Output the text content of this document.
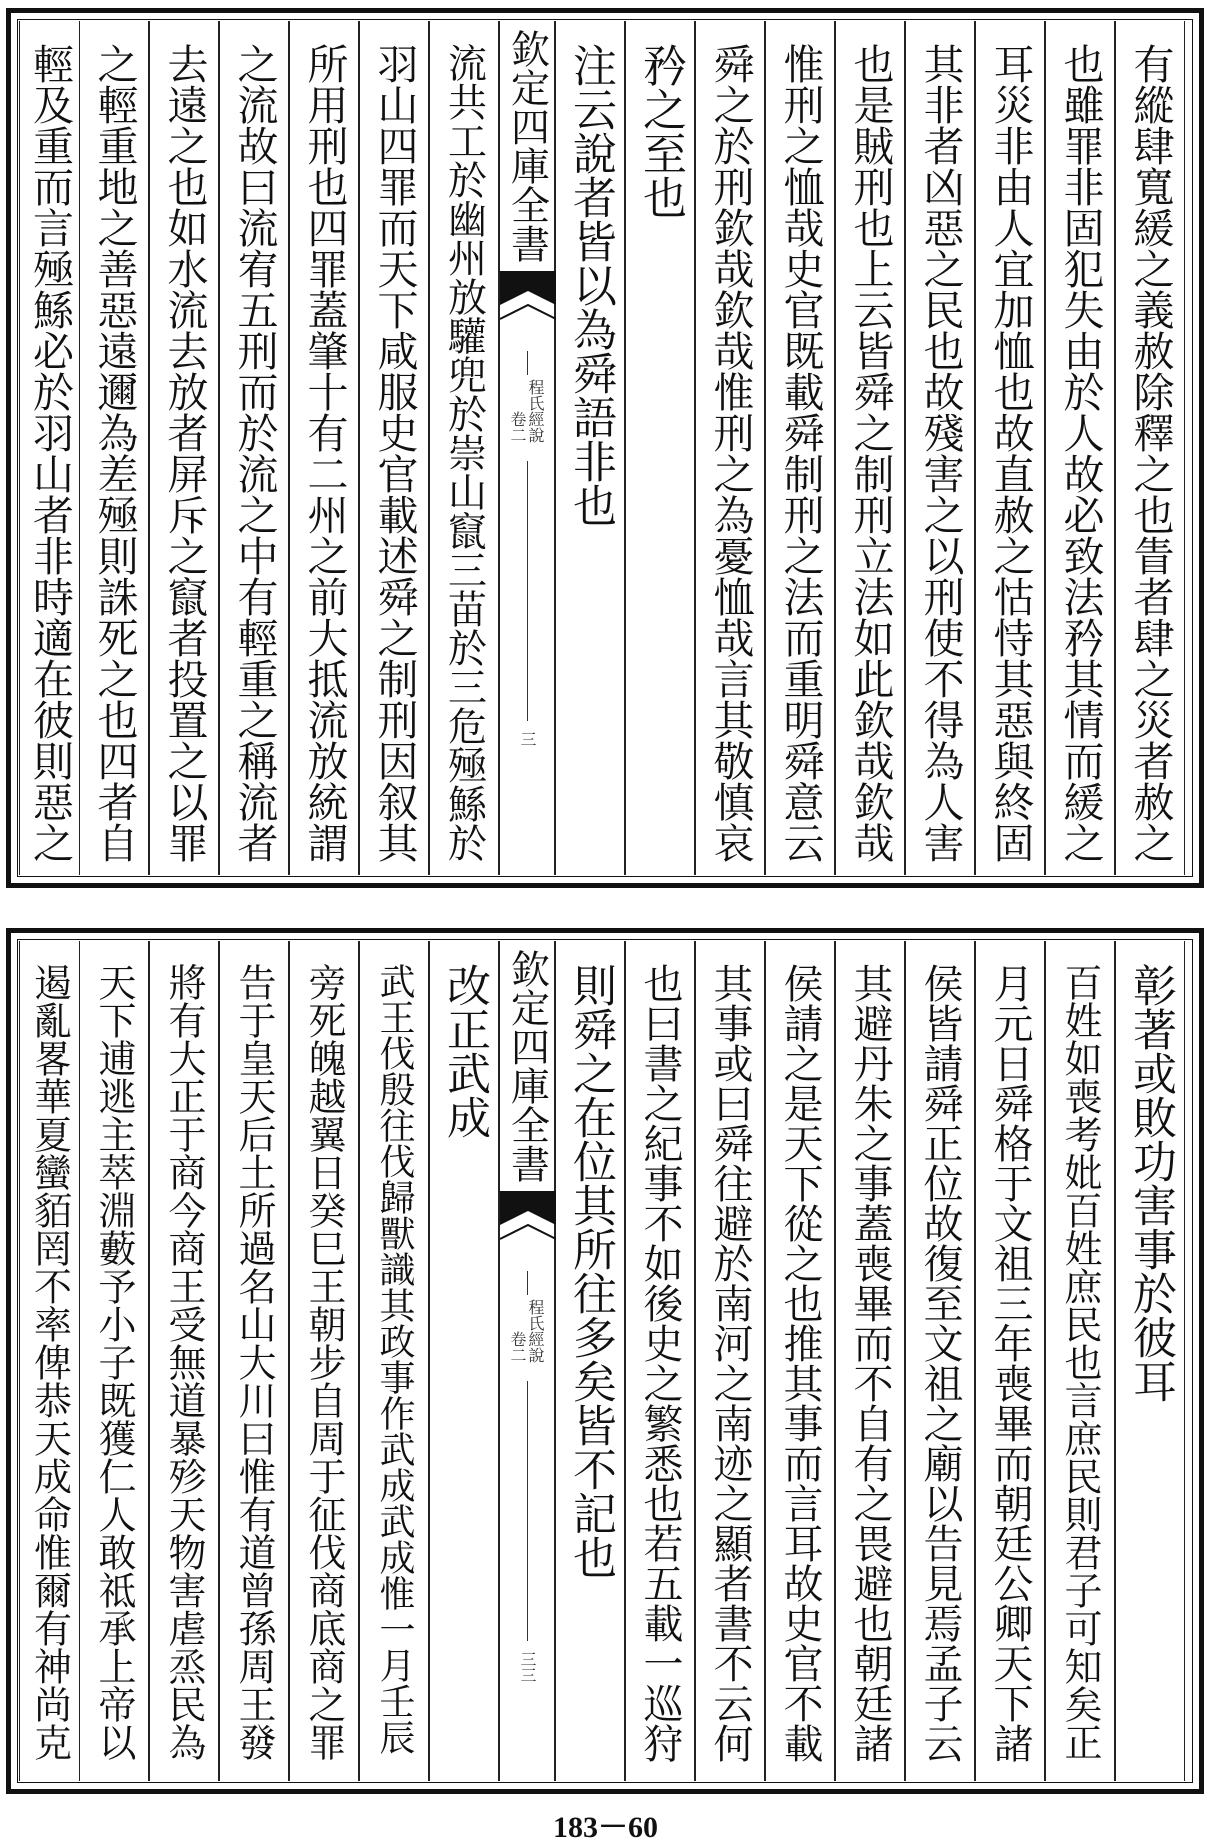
有縱肆寬緩之義赦除釋之也眚者肆之災者赦之
也雖罪非固犯失由於人故必致法矜其情而緩之
耳災非由人宜加恤也故直赦之怙恃其惡與終固
其非者凶惡之民也故殘害之以刑使不得為人害
也是賊刑也上云皆舜之制刑立法如此欽哉欽哉
惟刑之恤哉史官既載舜制刑之法而重明舜意云
舜之於刑欽哉欽哉惟刑之為憂恤哉言其敬慎哀
矜之至也
注云說者皆以為舜語非也
欽定四庫全書
程氏經說
卷二
三
流共工於幽州放驩兜於崇山竄三苗於三危殛鯀於
羽山四罪而天下咸服史官載述舜之制刑因叙其
所用刑也四罪蓋肇十有二州之前大抵流放統謂
之流故曰流宥五刑而於流之中有輕重之稱流者
去遠之也如水流去放者屏斥之竄者投置之以罪
之輕重地之善惡遠邇為差殛則誅死之也四者自
輕及重而言殛鯀必於羽山者非時適在彼則惡之
彰著或敗功害事於彼耳
百姓如喪考妣百姓庶民也言庶民則君子可知矣正
月元日舜格于文祖三年喪畢而朝廷公卿天下諸
侯皆請舜正位故復至文祖之廟以告見焉孟子云
其避丹朱之事蓋喪畢而不自有之畏避也朝廷諸
侯請之是天下從之也推其事而言耳故史官不載
其事或曰舜往避於南河之南迹之顯者書不云何
也曰書之紀事不如後史之繁悉也若五載一巡狩
則舜之在位其所往多矣皆不記也
欽定四庫全書
程氏經說
卷二
三三
改正武成
武王伐殷往伐歸獸識其政事作武成武成惟一月壬辰
旁死魄越翼日癸巳王朝步自周于征伐商底商之罪
告于皇天后土所過名山大川曰惟有道曾孫周王發
將有大正于商今商王受無道暴殄天物害虐烝民為
天下逋逃主萃淵藪予小子既獲仁人敢祗承上帝以
遏亂畧華夏蠻貊罔不率俾恭天成命惟爾有神尚克
183－60
